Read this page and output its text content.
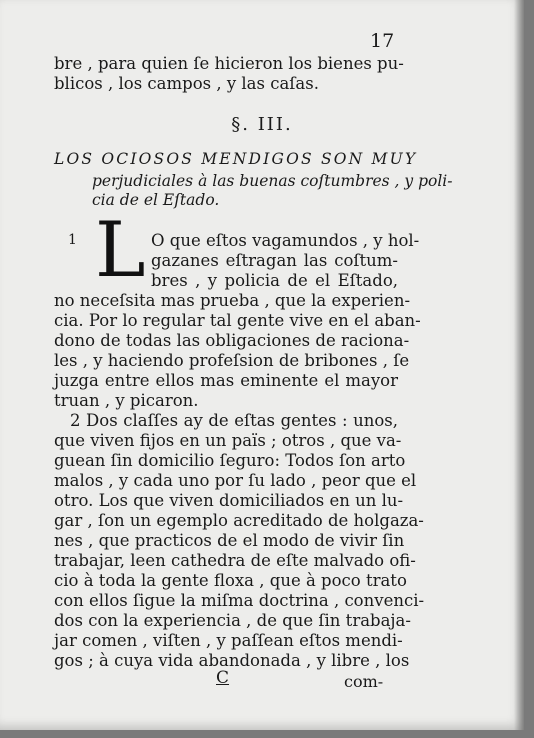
17
bre , para quien ſe hicieron los bienes pu-
blicos , los campos , y las caſas.
§. III.
LOS OCIOSOS MENDIGOS SON MUY
perjudiciales à las buenas coſtumbres , y poli-
cia de el Eſtado.
1 L O que eſtos vagamundos , y hol-
gazanes eſtragan las coſtum-
bres , y policia de el Eſtado,
no neceſsita mas prueba , que la experien-
cia. Por lo regular tal gente vive en el aban-
dono de todas las obligaciones de raciona-
les , y haciendo profeſsion de bribones , ſe
juzga entre ellos mas eminente el mayor
truan , y picaron.
2 Dos claſſes ay de eſtas gentes : unos,
que viven fijos en un païs ; otros , que va-
guean ſin domicilio ſeguro: Todos ſon arto
malos , y cada uno por ſu lado , peor que el
otro. Los que viven domiciliados en un lu-
gar , ſon un egemplo acreditado de holgaza-
nes , que practicos de el modo de vivir ſin
trabajar, leen cathedra de eſte malvado ofi-
cio à toda la gente floxa , que à poco trato
con ellos ſigue la miſma doctrina , convenci-
dos con la experiencia , de que ſin trabaja-
jar comen , viſten , y paſſean eſtos mendi-
gos ; à cuya vida abandonada , y libre , los
C	com-
